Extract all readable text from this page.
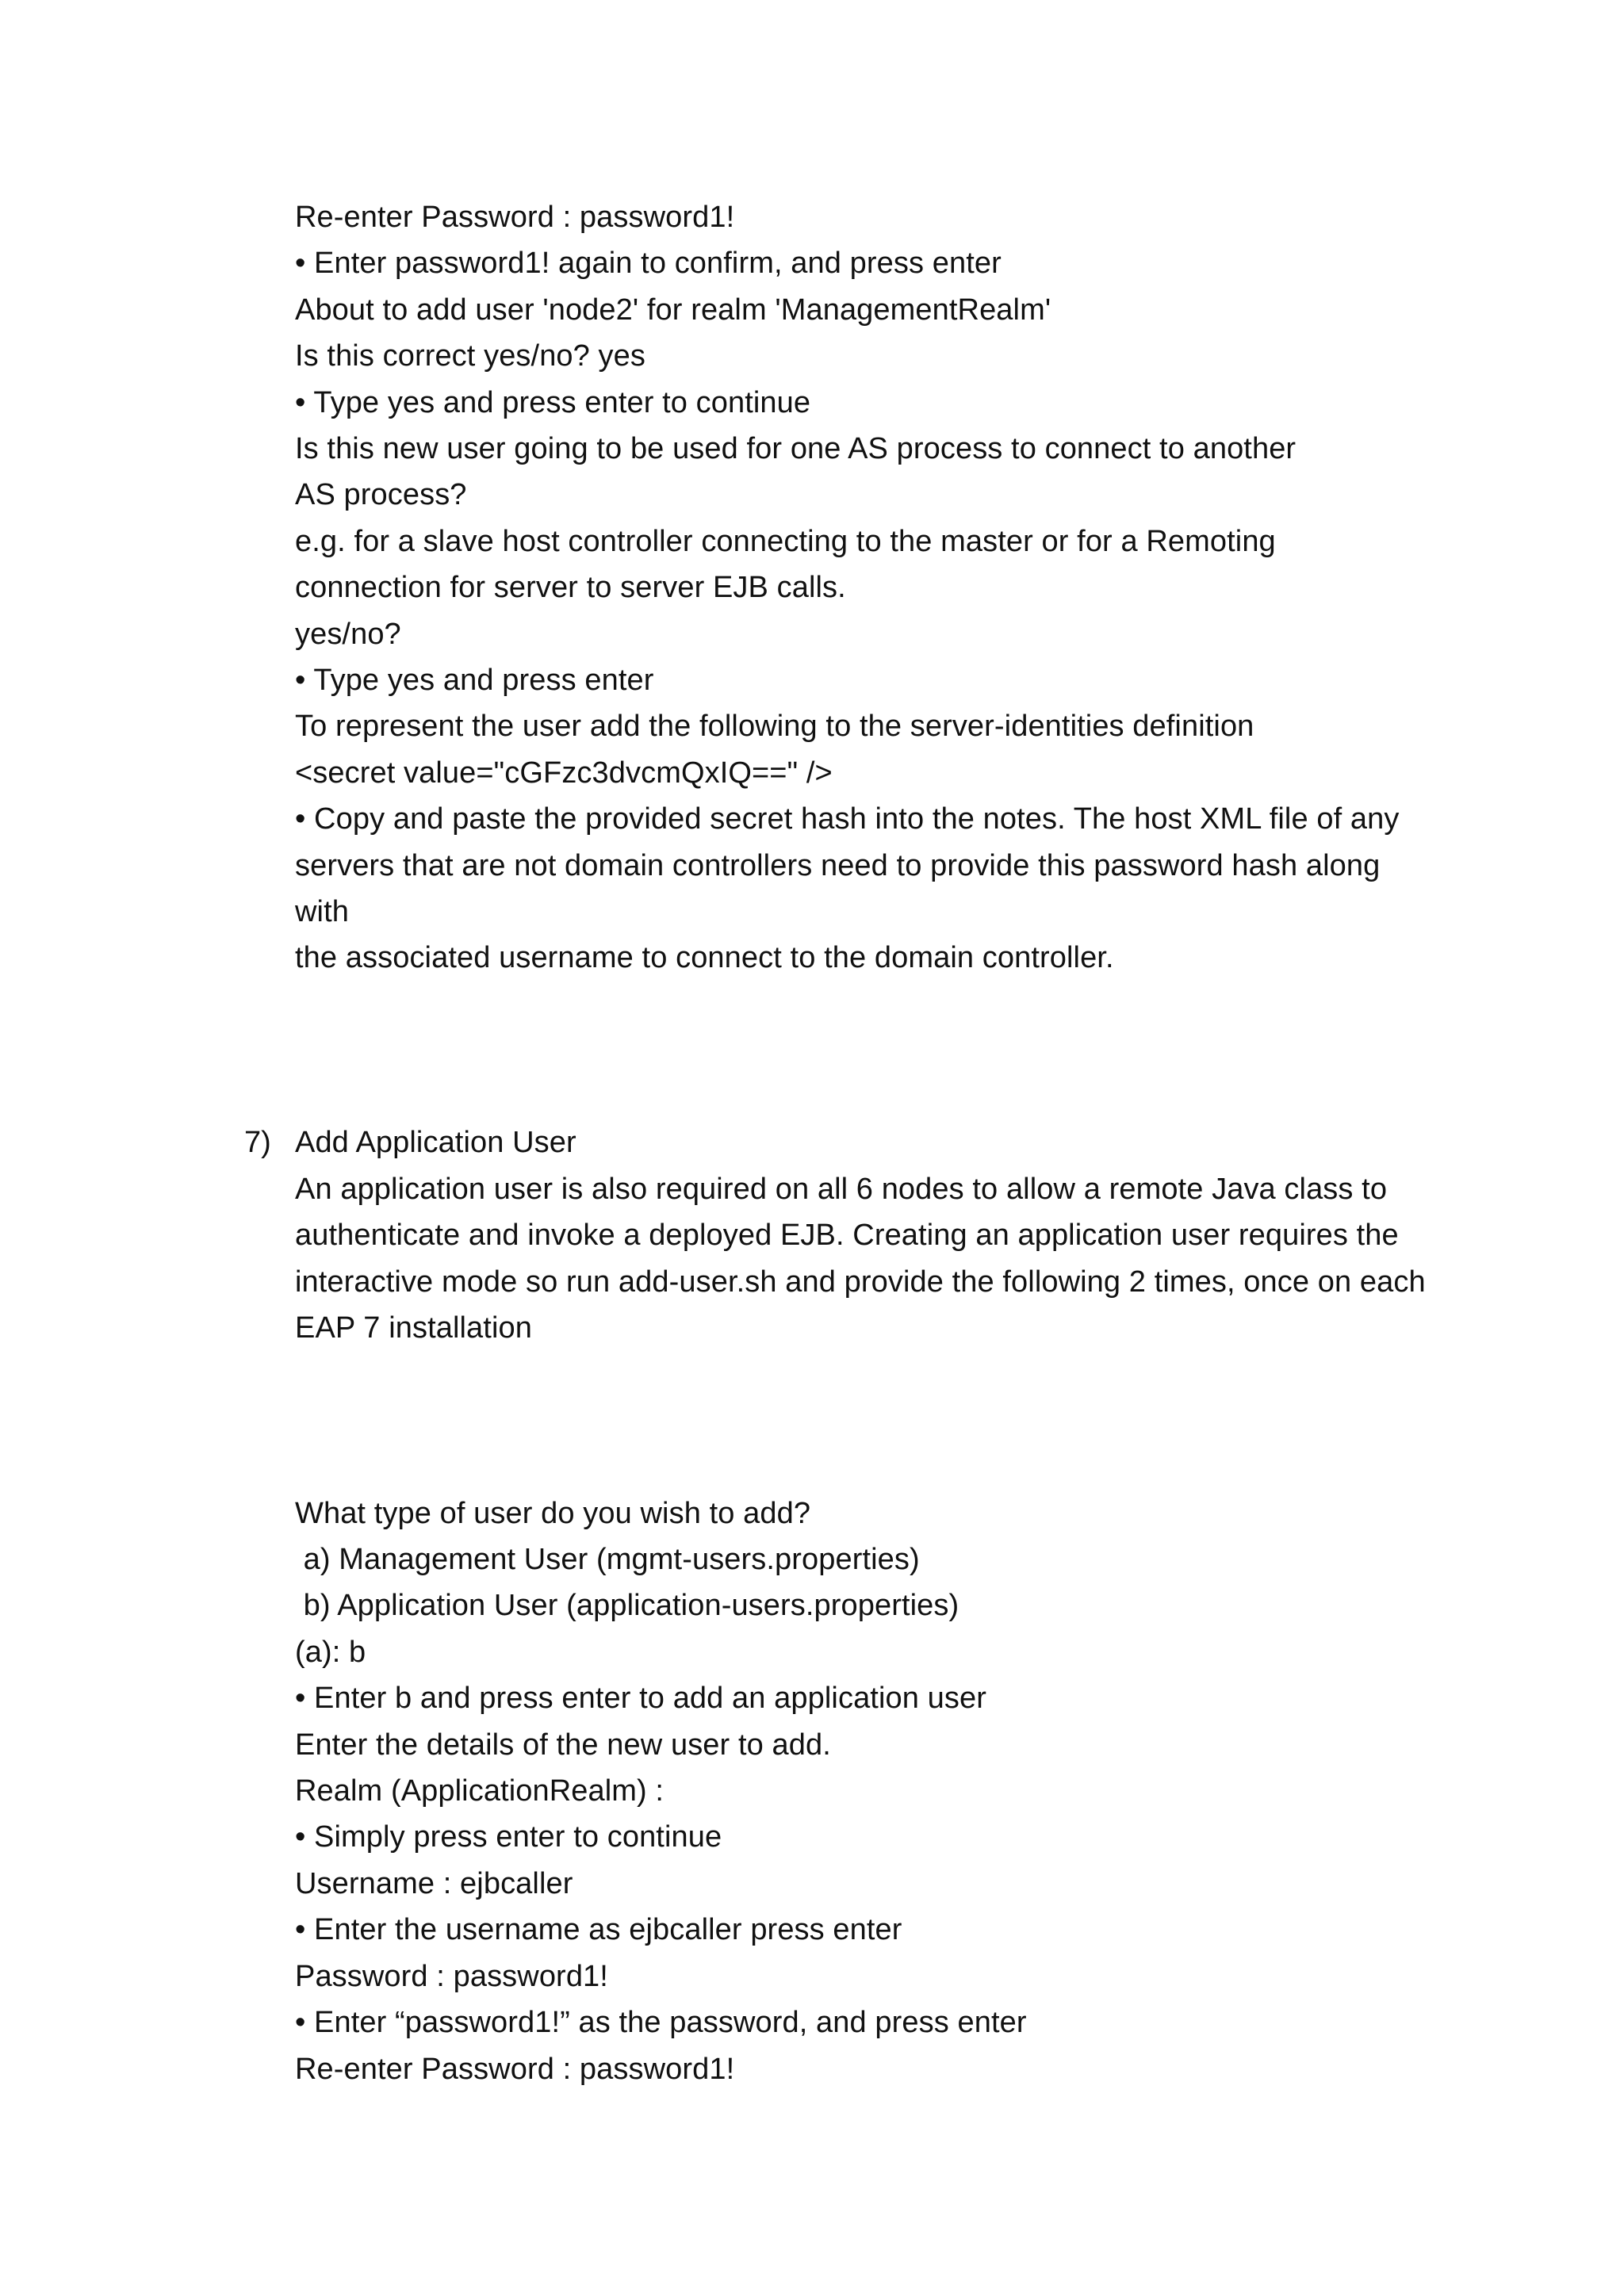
Re-enter Password : password1!
• Enter password1! again to confirm, and press enter
About to add user 'node2' for realm 'ManagementRealm'
Is this correct yes/no? yes
• Type yes and press enter to continue
Is this new user going to be used for one AS process to connect to another
AS process?
e.g. for a slave host controller connecting to the master or for a Remoting
connection for server to server EJB calls.
yes/no?
• Type yes and press enter
To represent the user add the following to the server-identities definition
<secret value="cGFzc3dvcmQxIQ==" />
• Copy and paste the provided secret hash into the notes. The host XML file of any
servers that are not domain controllers need to provide this password hash along
with
the associated username to connect to the domain controller.
7) Add Application User
An application user is also required on all 6 nodes to allow a remote Java class to
authenticate and invoke a deployed EJB. Creating an application user requires the
interactive mode so run add-user.sh and provide the following 2 times, once on each
EAP 7 installation
What type of user do you wish to add?
a) Management User (mgmt-users.properties)
b) Application User (application-users.properties)
(a): b
• Enter b and press enter to add an application user
Enter the details of the new user to add.
Realm (ApplicationRealm) :
• Simply press enter to continue
Username : ejbcaller
• Enter the username as ejbcaller press enter
Password : password1!
• Enter “password1!” as the password, and press enter
Re-enter Password : password1!
